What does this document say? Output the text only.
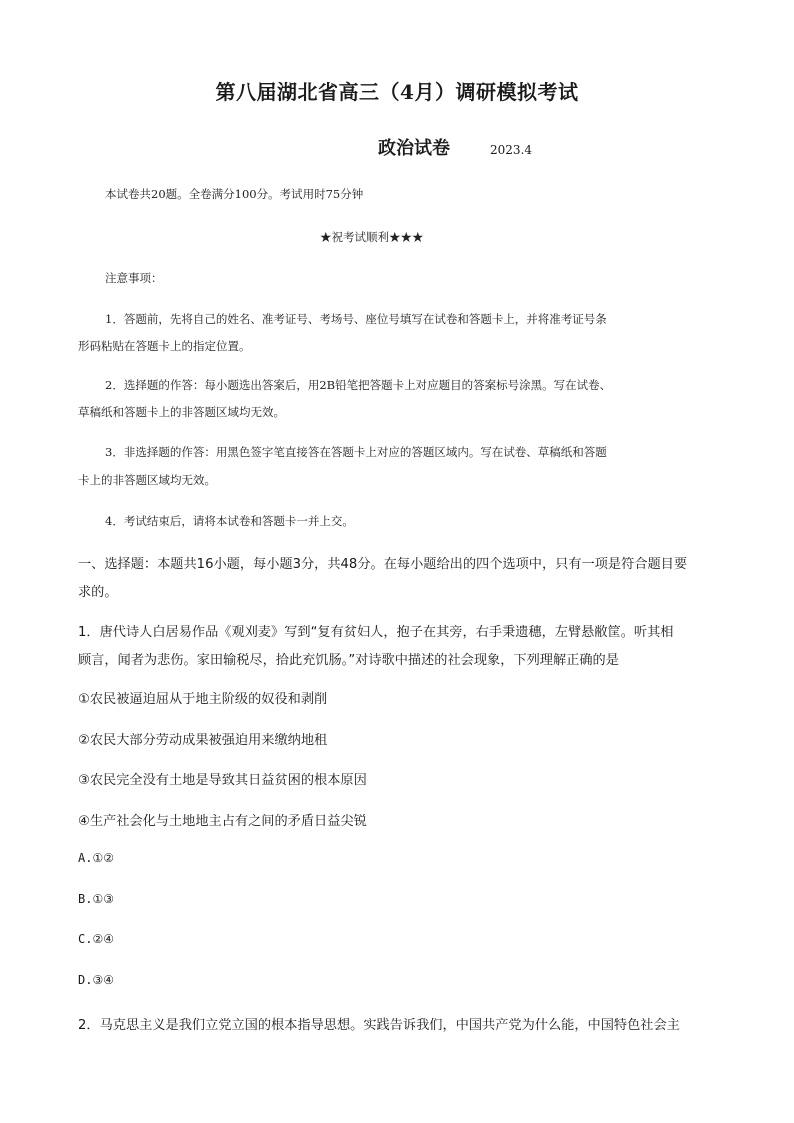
第八届湖北省高三（4月）调研模拟考试
政治试卷	2023.4
本试卷共20题。全卷满分100分。考试用时75分钟
★祝考试顺利★★★
注意事项：
1．答题前，先将自己的姓名、准考证号、考场号、座位号填写在试卷和答题卡上，并将准考证号条
形码粘贴在答题卡上的指定位置。
2．选择题的作答：每小题选出答案后，用2B铅笔把答题卡上对应题目的答案标号涂黑。写在试卷、
草稿纸和答题卡上的非答题区域均无效。
3．非选择题的作答：用黑色签字笔直接答在答题卡上对应的答题区域内。写在试卷、草稿纸和答题
卡上的非答题区域均无效。
4．考试结束后，请将本试卷和答题卡一并上交。
一、选择题：本题共16小题，每小题3分，共48分。在每小题给出的四个选项中，只有一项是符合题目要
求的。
1．唐代诗人白居易作品《观刈麦》写到“复有贫妇人，抱子在其旁，右手秉遗穗，左臂悬敝筐。听其相
顾言，闻者为悲伤。家田输税尽，拾此充饥肠。”对诗歌中描述的社会现象，下列理解正确的是
①农民被逼迫屈从于地主阶级的奴役和剥削
②农民大部分劳动成果被强迫用来缴纳地租
③农民完全没有土地是导致其日益贫困的根本原因
④生产社会化与土地地主占有之间的矛盾日益尖锐
A.①②
B.①③
C.②④
D.③④
2．马克思主义是我们立党立国的根本指导思想。实践告诉我们，中国共产党为什么能，中国特色社会主
